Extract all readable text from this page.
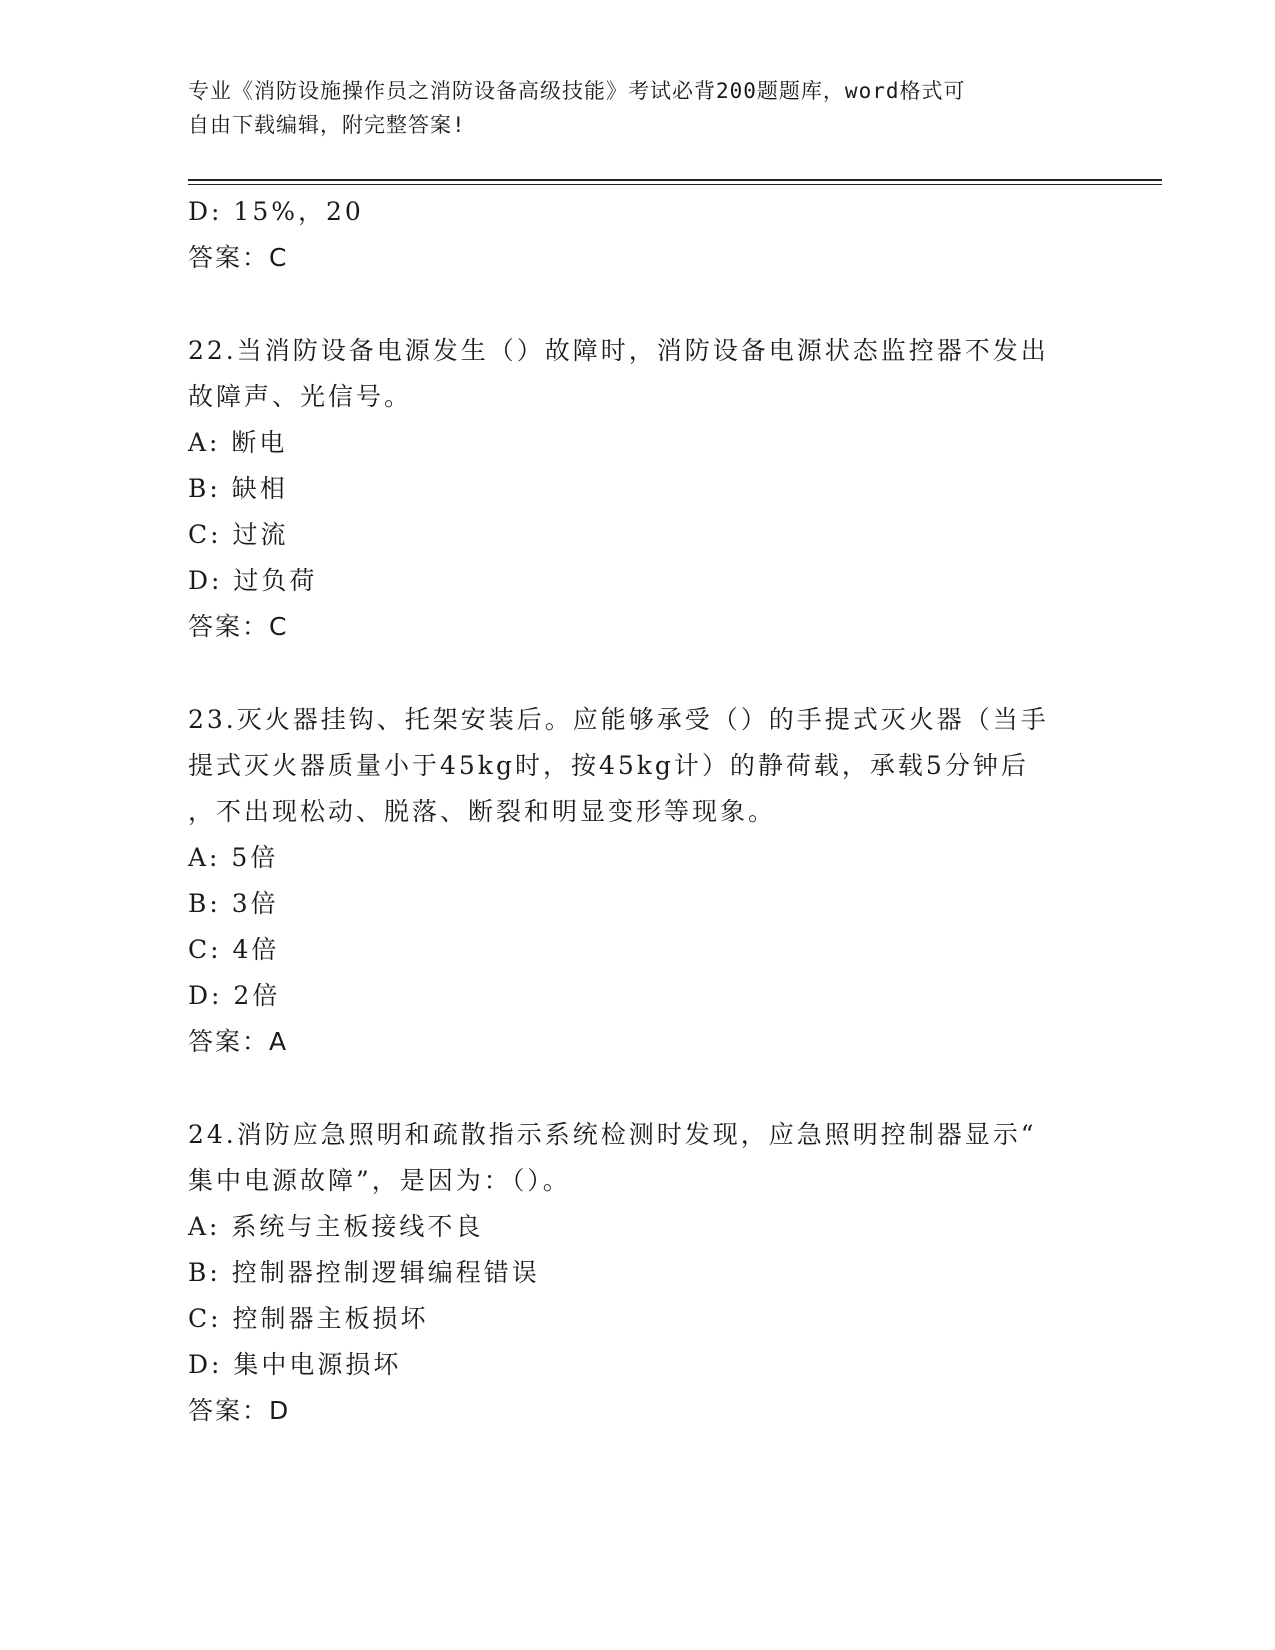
专业《消防设施操作员之消防设备高级技能》考试必背200题题库，word格式可
自由下载编辑，附完整答案!
D: 15%，20
答案：C
22.当消防设备电源发生（）故障时，消防设备电源状态监控器不发出
故障声、光信号。
A: 断电
B: 缺相
C: 过流
D: 过负荷
答案：C
23.灭火器挂钩、托架安装后。应能够承受（）的手提式灭火器（当手
提式灭火器质量小于45kg时，按45kg计）的静荷载，承载5分钟后
，不出现松动、脱落、断裂和明显变形等现象。
A: 5倍
B: 3倍
C: 4倍
D: 2倍
答案：A
24.消防应急照明和疏散指示系统检测时发现，应急照明控制器显示“
集中电源故障”，是因为：（）。
A: 系统与主板接线不良
B: 控制器控制逻辑编程错误
C: 控制器主板损坏
D: 集中电源损坏
答案：D
